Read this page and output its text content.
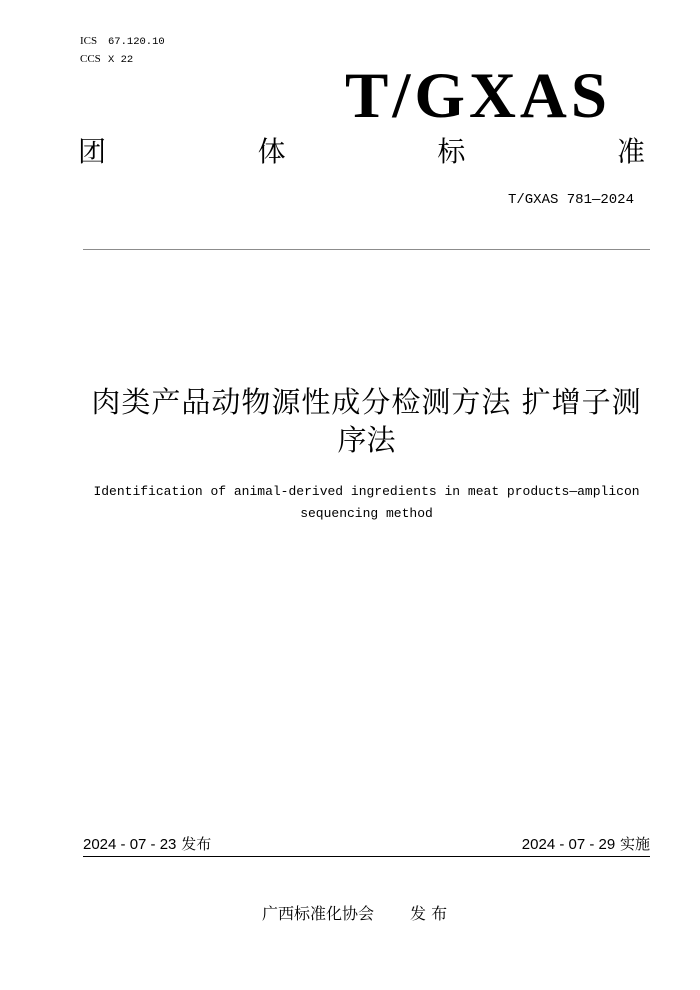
ICS 67.120.10
CCS X 22	T/GXAS
团	体	标	准
T/GXAS 781—2024
肉类产品动物源性成分检测方法 扩增子测
序法
Identification of animal-derived ingredients in meat products—amplicon
sequencing method
2024 - 07 - 23 发布	2024 - 07 - 29 实施
广西标准化协会 发 布
